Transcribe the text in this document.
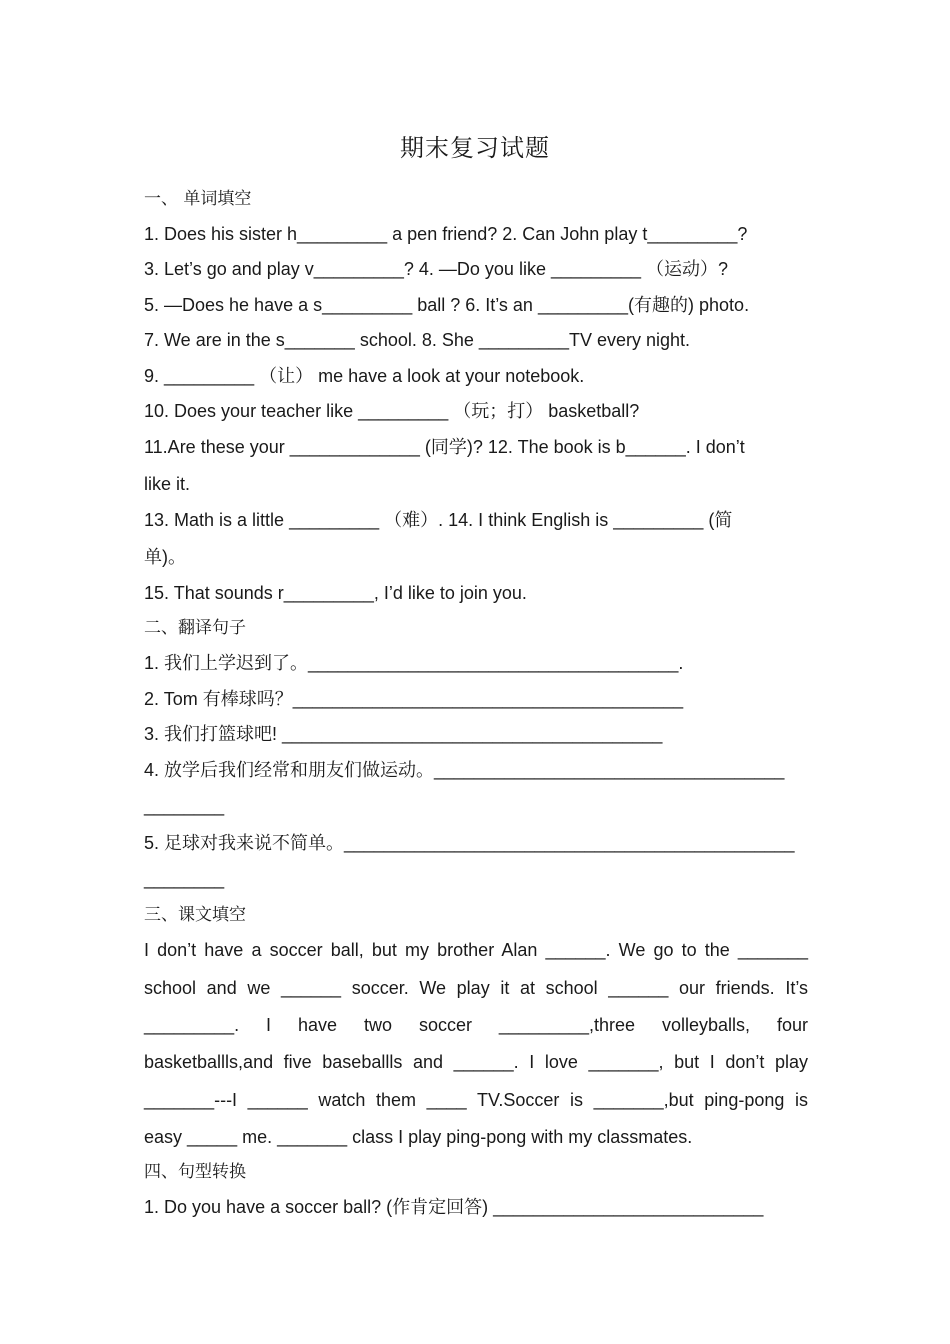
期末复习试题
一、 单词填空
1. Does his sister h_________ a pen friend? 2. Can John play t_________?
3. Let’s go and play v_________? 4. —Do you like _________ （运动）?
5. —Does he have a s_________ ball ? 6. It’s an _________(有趣的) photo.
7. We are in the s_______ school. 8. She _________TV every night.
9. _________ （让） me have a look at your notebook.
10. Does your teacher like _________ （玩；打） basketball?
11.Are these your _____________ (同学)? 12. The book is b______. I don’t
like it.
13. Math is a little _________ （难）. 14. I think English is _________ (简
单)。
15. That sounds r_________, I’d like to join you.
二、翻译句子
1. 我们上学迟到了。_____________________________________.
2. Tom 有棒球吗？_______________________________________
3. 我们打篮球吧! ______________________________________
4. 放学后我们经常和朋友们做运动。___________________________________
________
5. 足球对我来说不简单。_____________________________________________
________
三、课文填空
I don’t have a soccer ball, but my brother Alan ______. We go to the _______
school and we ______ soccer. We play it at school ______ our friends. It’s
_________. I have two soccer _________,three volleyballs, four
basketballls,and five baseballls and ______. I love _______, but I don’t play
_______---I ______ watch them ____ TV.Soccer is _______,but ping-pong is
easy _____ me. _______ class I play ping-pong with my classmates.
四、句型转换
1. Do you have a soccer ball? (作肯定回答) ___________________________
